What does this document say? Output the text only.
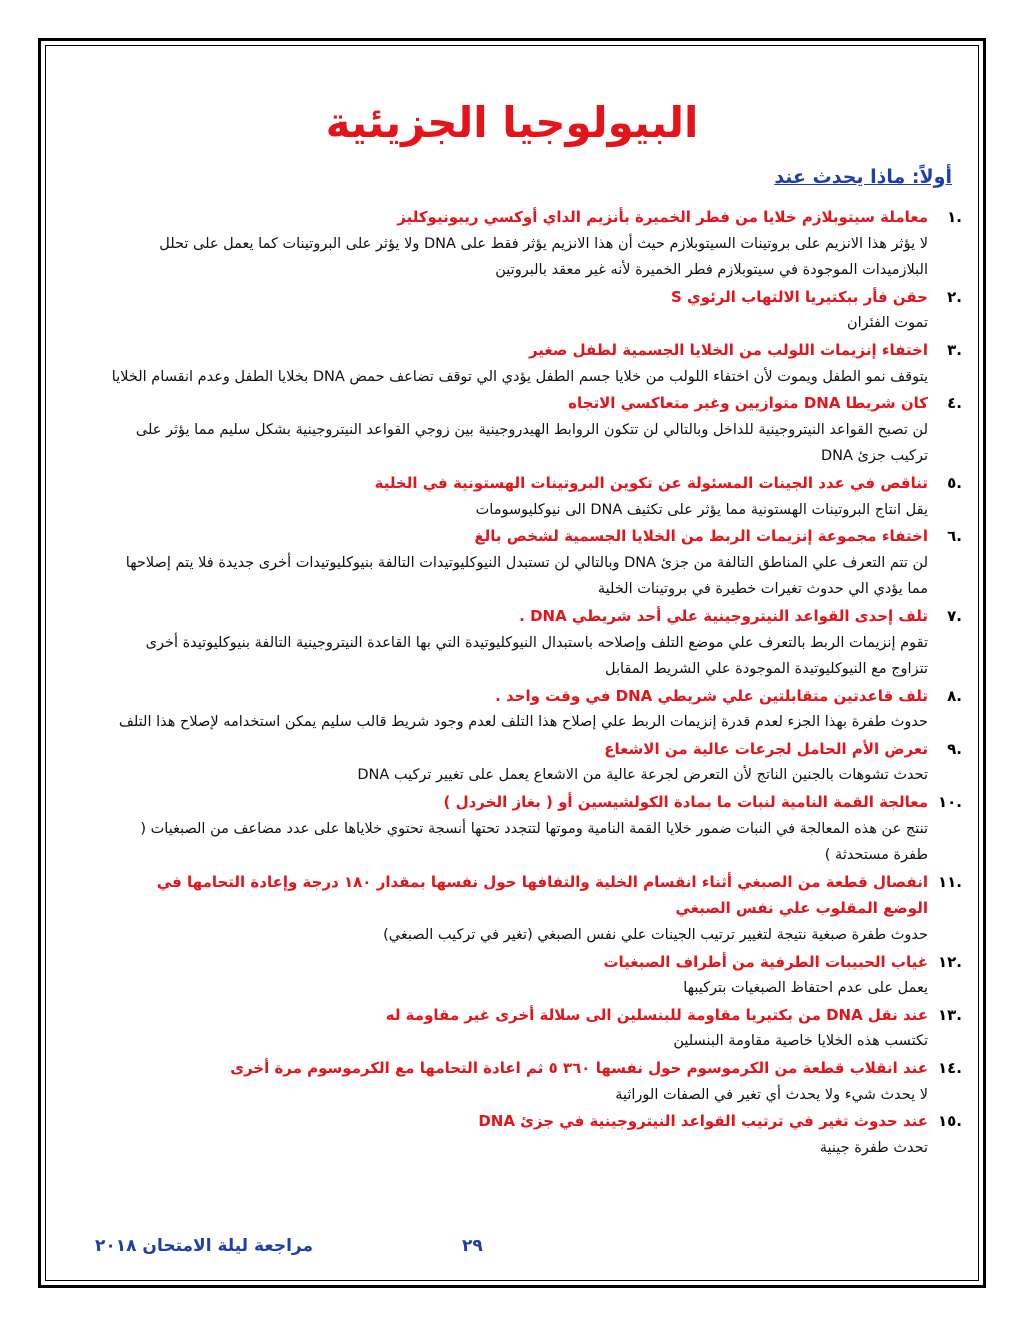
البيولوجيا الجزيئية
أولاً: ماذا يحدث عند
.١
معاملة سيتوبلازم خلايا من فطر الخميرة بأنزيم الداي أوكسي ريبونيوكليز
لا يؤثر هذا الانزيم على بروتينات السيتوبلازم حيث أن هذا الانزيم يؤثر فقط على DNA ولا يؤثر على البروتينات كما يعمل على تحلل البلازميدات الموجودة في سيتوبلازم فطر الخميرة لأنه غير معقد بالبروتين
.٢
حقن فأر ببكتيريا الالتهاب الرئوي S
تموت الفئران
.٣
اختفاء إنزيمات اللولب من الخلايا الجسمية لطفل صغير
يتوقف نمو الطفل ويموت لأن اختفاء اللولب من خلايا جسم الطفل يؤدي الي توقف تضاعف حمض DNA بخلايا الطفل وعدم انقسام الخلايا
.٤
كان شريطا DNA متوازيين وغير متعاكسي الاتجاه
لن تصبح القواعد النيتروجينية للداخل وبالتالي لن تتكون الروابط الهيدروجينية بين زوجي القواعد النيتروجينية بشكل سليم مما يؤثر على تركيب جزئ DNA
.٥
تناقص في عدد الجينات المسئولة عن تكوين البروتينات الهستونية في الخلية
يقل انتاج البروتينات الهستونية مما يؤثر على تكثيف DNA الى نيوكليوسومات
.٦
اختفاء مجموعة إنزيمات الربط من الخلايا الجسمية لشخص بالغ
لن تتم التعرف علي المناطق التالفة من جزئ DNA وبالتالي لن تستبدل النيوكليوتيدات التالفة بنيوكليوتيدات أخرى جديدة فلا يتم إصلاحها مما يؤدي الي حدوث تغيرات خطيرة في بروتينات الخلية
.٧
تلف إحدى القواعد النيتروجينية علي أحد شريطي DNA .
تقوم إنزيمات الربط بالتعرف علي موضع التلف وإصلاحه باستبدال النيوكليوتيدة التي بها القاعدة النيتروجينية التالفة بنيوكليوتيدة أخرى تتزاوج مع النيوكليوتيدة الموجودة علي الشريط المقابل
.٨
تلف قاعدتين متقابلتين علي شريطي DNA في وقت واحد .
حدوث طفرة بهذا الجزء لعدم قدرة إنزيمات الربط علي إصلاح هذا التلف لعدم وجود شريط قالب سليم يمكن استخدامه لإصلاح هذا التلف
.٩
تعرض الأم الحامل لجرعات عالية من الاشعاع
تحدث تشوهات بالجنين الناتج لأن التعرض لجرعة عالية من الاشعاع يعمل على تغيير تركيب DNA
.١٠
معالجة القمة النامية لنبات ما بمادة الكولشيسين أو ( بغاز الخردل )
تنتج عن هذه المعالجة في النبات ضمور خلايا القمة النامية وموتها لتتجدد تحتها أنسجة تحتوي خلاياها على عدد مضاعف من الصبغيات ( طفرة مستحدثة )
.١١
انفصال قطعة من الصبغي أثناء انقسام الخلية والتفافها حول نفسها بمقدار ١٨٠ درجة وإعادة التحامها في الوضع المقلوب علي نفس الصبغي
حدوث طفرة صبغية نتيجة لتغيير ترتيب الجينات علي نفس الصبغي (تغير في تركيب الصبغي)
.١٢
غياب الحبيبات الطرفية من أطراف الصبغيات
يعمل على عدم احتفاظ الصبغيات بتركيبها
.١٣
عند نقل DNA من بكتيريا مقاومة للبنسلين الى سلالة أخرى غير مقاومة له
تكتسب هذه الخلايا خاصية مقاومة البنسلين
.١٤
عند انقلاب قطعة من الكرموسوم حول نفسها ٣٦٠ ٥ ثم اعادة التحامها مع الكرموسوم مرة أخرى
لا يحدث شيء ولا يحدث أي تغير في الصفات الوراثية
.١٥
عند حدوث تغير في ترتيب القواعد النيتروجينية في جزئ DNA
تحدث طفرة جينية
مراجعة ليلة الامتحان ٢٠١٨	٢٩
